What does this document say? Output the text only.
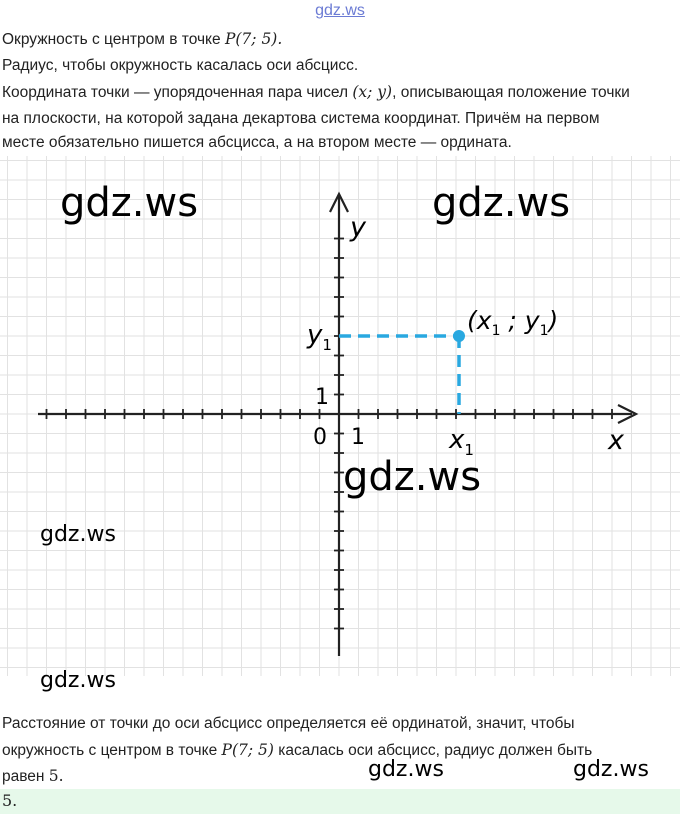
gdz.ws
Окружность с центром в точке P(7; 5).
Радиус, чтобы окружность касалась оси абсцисс.
Координата точки — упорядоченная пара чисел (x; y), описывающая положение точки
на плоскости, на которой задана декартова система координат. Причём на первом
месте обязательно пишется абсцисса, а на втором месте — ордината.
y
x
0 1
1
$x_1$
$y_1$
($x_1$ ; $y_1$)
gdz.ws	gdz.ws
gdz.ws
gdz.ws
gdz.ws
Расстояние от точки до оси абсцисс определяется её ординатой, значит, чтобы
окружность с центром в точке P(7; 5) касалась оси абсцисс, радиус должен быть
равен 5.	gdz.ws	gdz.ws
5.
